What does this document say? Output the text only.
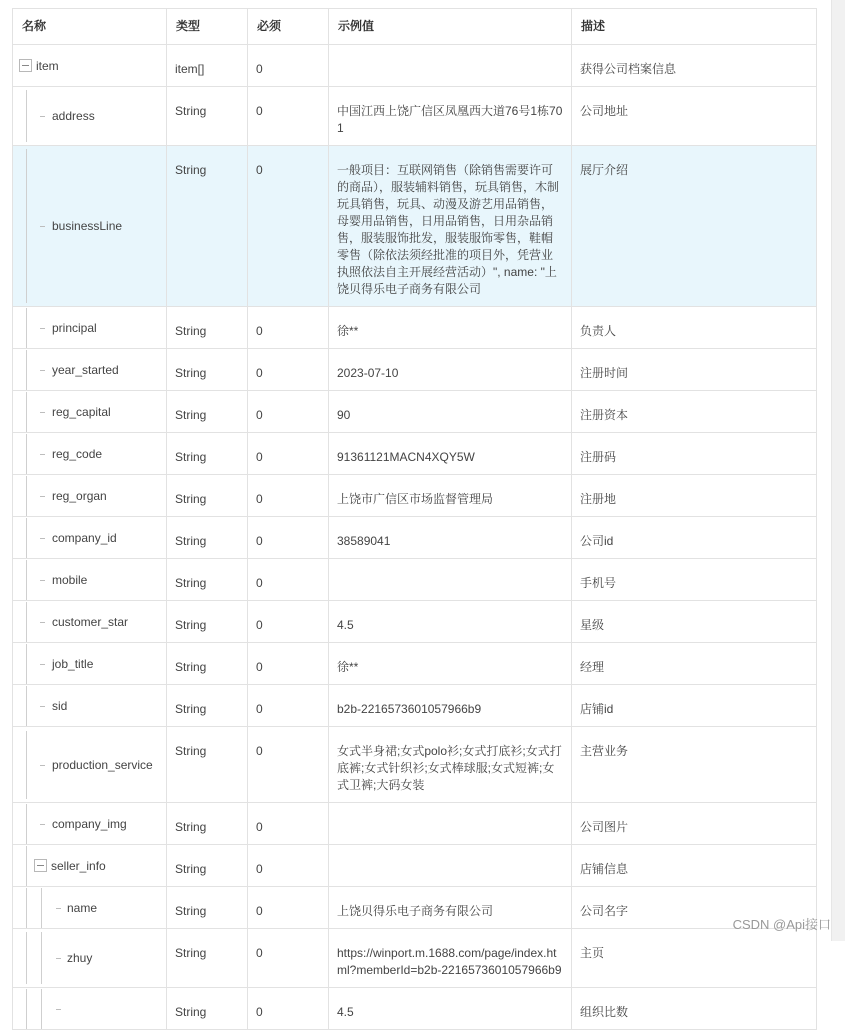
名称	类型	必须	示例值	描述

item	item[]	0		获得公司档案信息

address	String	0	中国江西上饶广信区凤凰西大道76号1栋701	公司地址

businessLine	String	0	一般项目：互联网销售（除销售需要许可的商品），服装辅料销售，玩具销售，木制玩具销售，玩具、动漫及游艺用品销售，母婴用品销售，日用品销售，日用杂品销售，服装服饰批发，服装服饰零售，鞋帽零售（除依法须经批准的项目外，凭营业执照依法自主开展经营活动）", name: "上饶贝得乐电子商务有限公司	展厅介绍

principal	String	0	徐**	负责人

year_started	String	0	2023-07-10	注册时间

reg_capital	String	0	90	注册资本

reg_code	String	0	91361121MACN4XQY5W	注册码

reg_organ	String	0	上饶市广信区市场监督管理局	注册地

company_id	String	0	38589041	公司id

mobile	String	0		手机号

customer_star	String	0	4.5	星级

job_title	String	0	徐**	经理

sid	String	0	b2b-2216573601057966b9	店铺id

production_service	String	0	女式半身裙;女式polo衫;女式打底衫;女式打底裤;女式针织衫;女式棒球服;女式短裤;女式卫裤;大码女装	主营业务

company_img	String	0		公司图片

seller_info	String	0		店铺信息

name	String	0	上饶贝得乐电子商务有限公司	公司名字

zhuy	String	0	https://winport.m.1688.com/page/index.html?memberId=b2b-2216573601057966b9	主页

	String	0	4.5	组织比数
CSDN @Api接口
